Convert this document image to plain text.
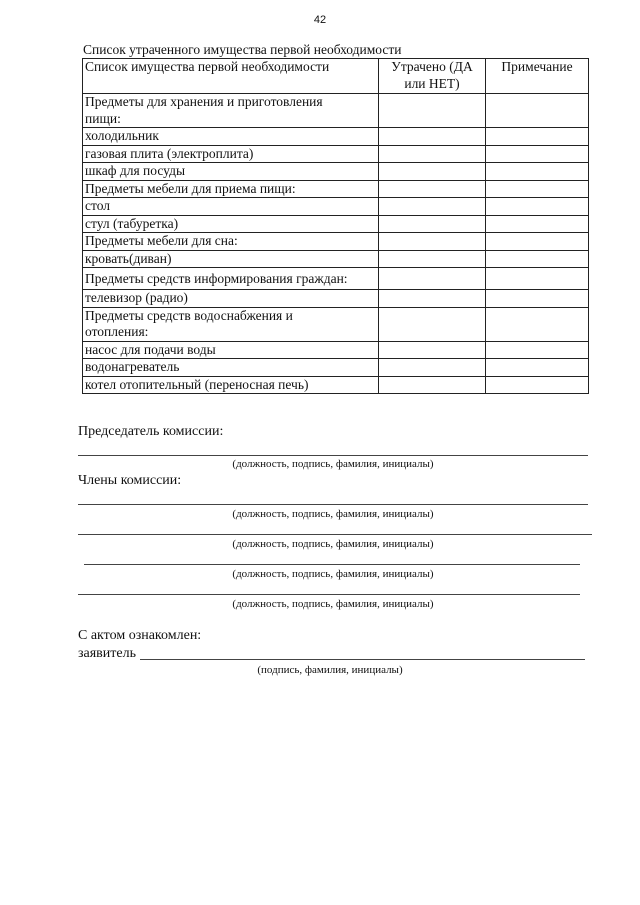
42
Список утраченного имущества первой необходимости
Список имущества первой необходимости	Утрачено (ДА
или НЕТ)	Примечание

Предметы для хранения и приготовления
пищи:		

холодильник		
газовая плита (электроплита)		
шкаф для посуды		
Предметы мебели для приема пищи:		
стол		
стул (табуретка)		
Предметы мебели для сна:		
кровать(диван)		
Предметы средств информирования граждан:		
телевизор (радио)		

Предметы средств водоснабжения и
отопления:		

насос для подачи воды		
водонагреватель		
котел отопительный (переносная печь)		
Председатель комиссии:
(должность, подпись, фамилия, инициалы)
Члены комиссии:
(должность, подпись, фамилия, инициалы)
(должность, подпись, фамилия, инициалы)
(должность, подпись, фамилия, инициалы)
(должность, подпись, фамилия, инициалы)
С актом ознакомлен:
заявитель
(подпись, фамилия, инициалы)
